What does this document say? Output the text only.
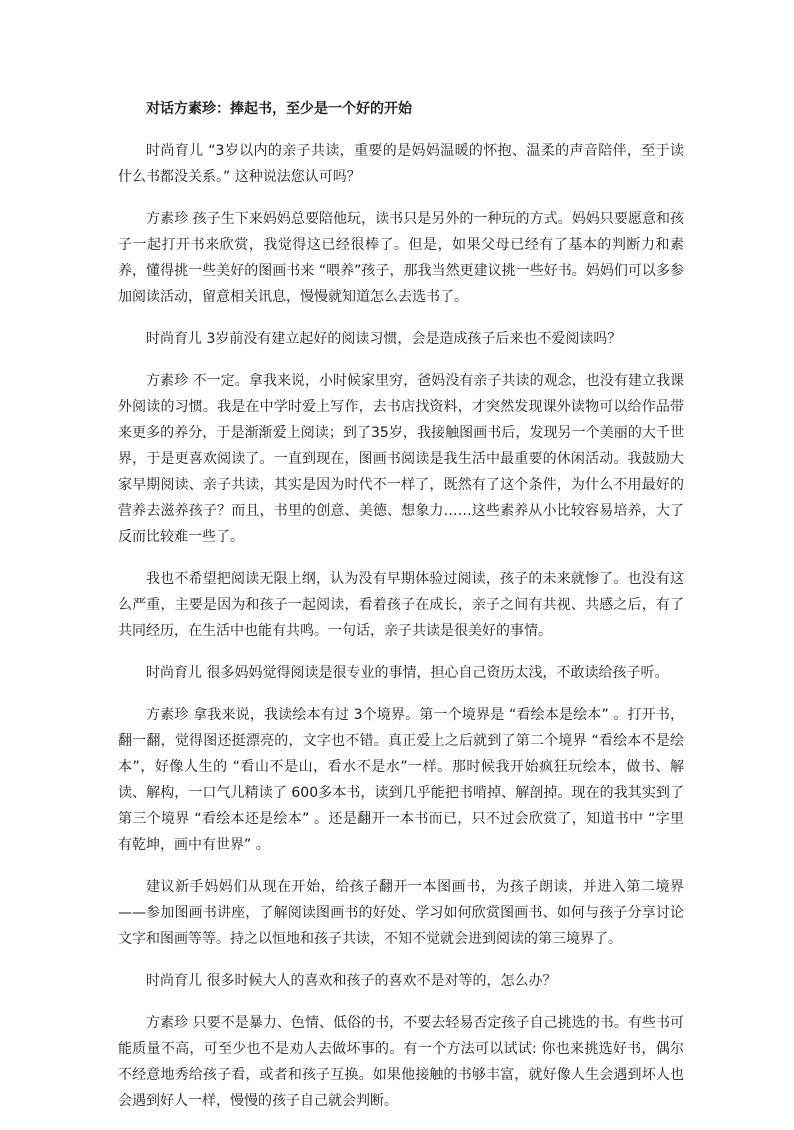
对话方素珍：捧起书，至少是一个好的开始

时尚育儿 “3岁以内的亲子共读，重要的是妈妈温暖的怀抱、温柔的声音陪伴，至于读什么书都没关系。” 这种说法您认可吗？

方素珍 孩子生下来妈妈总要陪他玩，读书只是另外的一种玩的方式。妈妈只要愿意和孩子一起打开书来欣赏，我觉得这已经很棒了。但是，如果父母已经有了基本的判断力和素养，懂得挑一些美好的图画书来 “喂养”孩子，那我当然更建议挑一些好书。妈妈们可以多参加阅读活动，留意相关讯息，慢慢就知道怎么去选书了。

时尚育儿 3岁前没有建立起好的阅读习惯，会是造成孩子后来也不爱阅读吗？

方素珍 不一定。拿我来说，小时候家里穷，爸妈没有亲子共读的观念，也没有建立我课外阅读的习惯。我是在中学时爱上写作，去书店找资料，才突然发现课外读物可以给作品带来更多的养分，于是渐渐爱上阅读；到了35岁，我接触图画书后，发现另一个美丽的大千世界，于是更喜欢阅读了。一直到现在，图画书阅读是我生活中最重要的休闲活动。我鼓励大家早期阅读、亲子共读，其实是因为时代不一样了，既然有了这个条件，为什么不用最好的营养去滋养孩子？而且，书里的创意、美德、想象力……这些素养从小比较容易培养，大了反而比较难一些了。

我也不希望把阅读无限上纲，认为没有早期体验过阅读，孩子的未来就惨了。也没有这么严重，主要是因为和孩子一起阅读，看着孩子在成长，亲子之间有共视、共感之后，有了共同经历，在生活中也能有共鸣。一句话，亲子共读是很美好的事情。

时尚育儿 很多妈妈觉得阅读是很专业的事情，担心自己资历太浅，不敢读给孩子听。

方素珍 拿我来说，我读绘本有过 3个境界。第一个境界是 “看绘本是绘本” 。打开书，翻一翻，觉得图还挺漂亮的，文字也不错。真正爱上之后就到了第二个境界 “看绘本不是绘本”，好像人生的 “看山不是山，看水不是水”一样。那时候我开始疯狂玩绘本，做书、解读、解构，一口气儿精读了 600多本书，读到几乎能把书啃掉、解剖掉。现在的我其实到了第三个境界 “看绘本还是绘本” 。还是翻开一本书而已，只不过会欣赏了，知道书中 “字里有乾坤，画中有世界” 。

建议新手妈妈们从现在开始，给孩子翻开一本图画书，为孩子朗读，并进入第二境界——参加图画书讲座，了解阅读图画书的好处、学习如何欣赏图画书、如何与孩子分享讨论文字和图画等等。持之以恒地和孩子共读，不知不觉就会进到阅读的第三境界了。

时尚育儿 很多时候大人的喜欢和孩子的喜欢不是对等的，怎么办？

方素珍 只要不是暴力、色情、低俗的书，不要去轻易否定孩子自己挑选的书。有些书可能质量不高，可至少也不是劝人去做坏事的。有一个方法可以试试: 你也来挑选好书，偶尔不经意地秀给孩子看，或者和孩子互换。如果他接触的书够丰富，就好像人生会遇到坏人也会遇到好人一样，慢慢的孩子自己就会判断。
